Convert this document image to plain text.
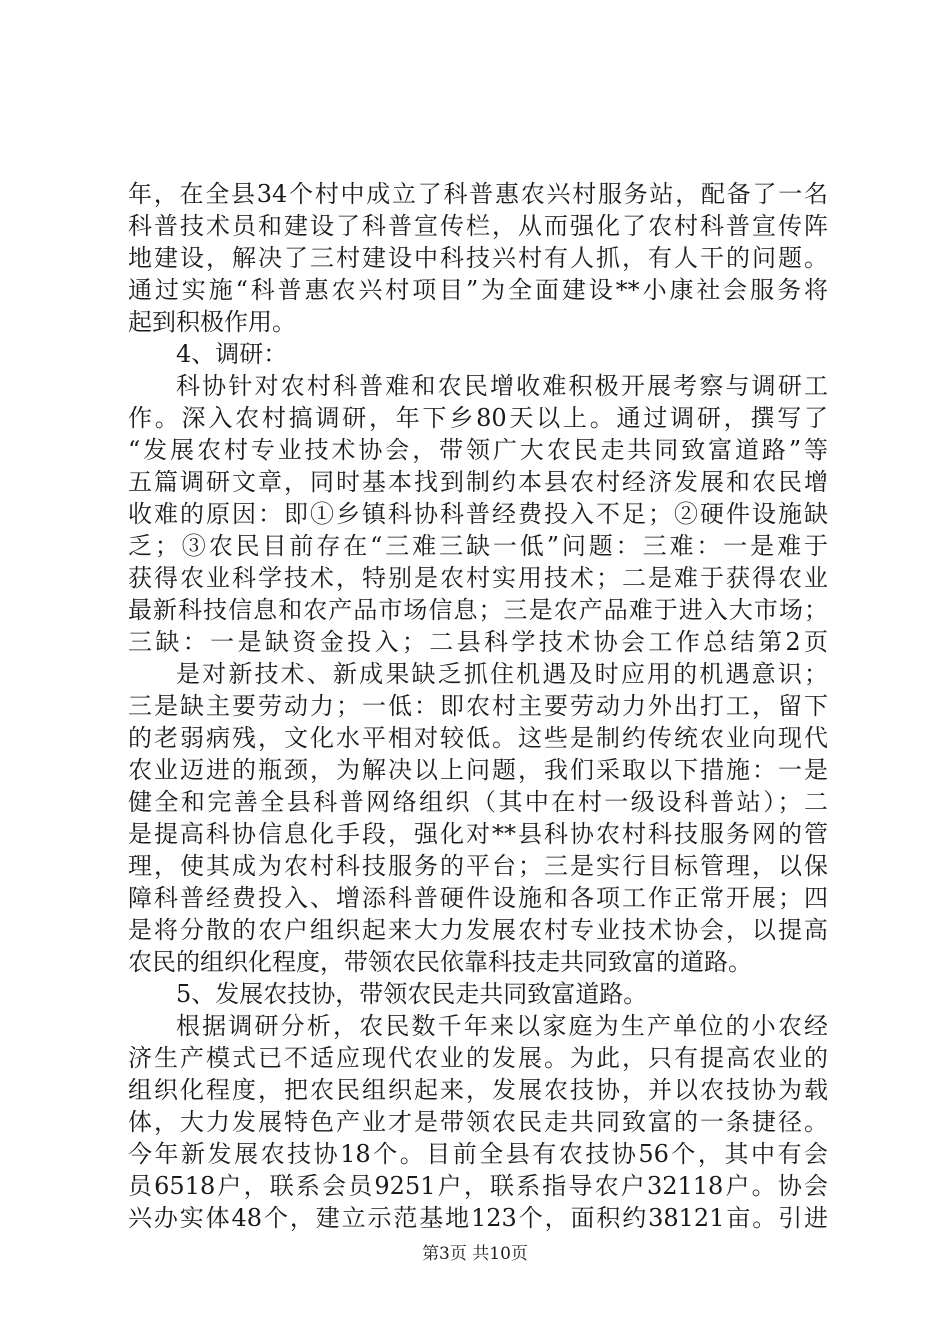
年，在全县34个村中成立了科普惠农兴村服务站，配备了一名
科普技术员和建设了科普宣传栏，从而强化了农村科普宣传阵
地建设，解决了三村建设中科技兴村有人抓，有人干的问题。
通过实施“科普惠农兴村项目”为全面建设**小康社会服务将
起到积极作用。
4、调研：
科协针对农村科普难和农民增收难积极开展考察与调研工
作。深入农村搞调研，年下乡80天以上。通过调研，撰写了
“发展农村专业技术协会，带领广大农民走共同致富道路”等
五篇调研文章，同时基本找到制约本县农村经济发展和农民增
收难的原因：即①乡镇科协科普经费投入不足；②硬件设施缺
乏；③农民目前存在“三难三缺一低”问题：三难：一是难于
获得农业科学技术，特别是农村实用技术；二是难于获得农业
最新科技信息和农产品市场信息；三是农产品难于进入大市场；
三缺：一是缺资金投入；二县科学技术协会工作总结第2页
是对新技术、新成果缺乏抓住机遇及时应用的机遇意识；
三是缺主要劳动力；一低：即农村主要劳动力外出打工，留下
的老弱病残，文化水平相对较低。这些是制约传统农业向现代
农业迈进的瓶颈，为解决以上问题，我们采取以下措施：一是
健全和完善全县科普网络组织（其中在村一级设科普站）；二
是提高科协信息化手段，强化对**县科协农村科技服务网的管
理，使其成为农村科技服务的平台；三是实行目标管理，以保
障科普经费投入、增添科普硬件设施和各项工作正常开展；四
是将分散的农户组织起来大力发展农村专业技术协会，以提高
农民的组织化程度，带领农民依靠科技走共同致富的道路。
5、发展农技协，带领农民走共同致富道路。
根据调研分析，农民数千年来以家庭为生产单位的小农经
济生产模式已不适应现代农业的发展。为此，只有提高农业的
组织化程度，把农民组织起来，发展农技协，并以农技协为载
体，大力发展特色产业才是带领农民走共同致富的一条捷径。
今年新发展农技协18个。目前全县有农技协56个，其中有会
员6518户，联系会员9251户，联系指导农户32118户。协会
兴办实体48个，建立示范基地123个，面积约38121亩。引进
第3页 共10页
